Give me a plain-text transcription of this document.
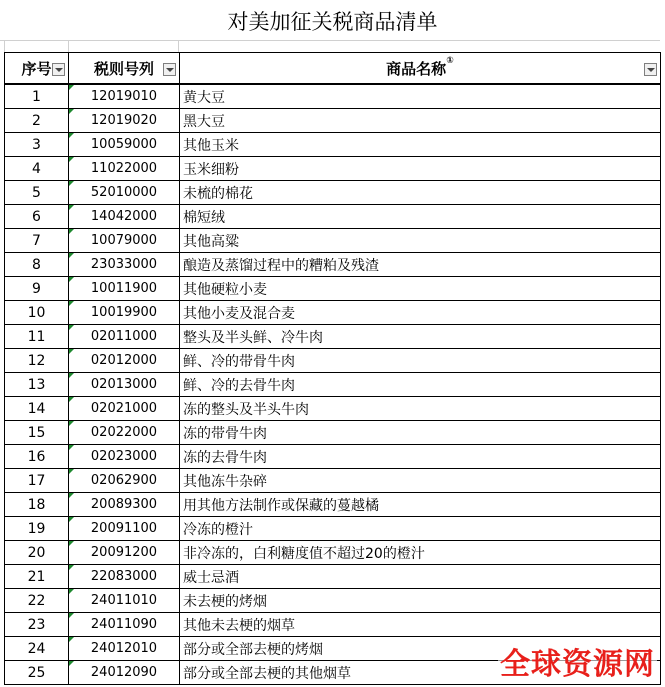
对美加征关税商品清单
序号	税则号列	商品名称①

1	12019010	黄大豆
2	12019020	黑大豆
3	10059000	其他玉米
4	11022000	玉米细粉
5	52010000	未梳的棉花
6	14042000	棉短绒
7	10079000	其他高粱
8	23033000	酿造及蒸馏过程中的糟粕及残渣
9	10011900	其他硬粒小麦
10	10019900	其他小麦及混合麦
11	02011000	整头及半头鲜、冷牛肉
12	02012000	鲜、冷的带骨牛肉
13	02013000	鲜、冷的去骨牛肉
14	02021000	冻的整头及半头牛肉
15	02022000	冻的带骨牛肉
16	02023000	冻的去骨牛肉
17	02062900	其他冻牛杂碎
18	20089300	用其他方法制作或保藏的蔓越橘
19	20091100	冷冻的橙汁
20	20091200	非冷冻的，白利糖度值不超过20的橙汁
21	22083000	威士忌酒
22	24011010	未去梗的烤烟
23	24011090	其他未去梗的烟草
24	24012010	部分或全部去梗的烤烟
25	24012090	部分或全部去梗的其他烟草	全球资源网
